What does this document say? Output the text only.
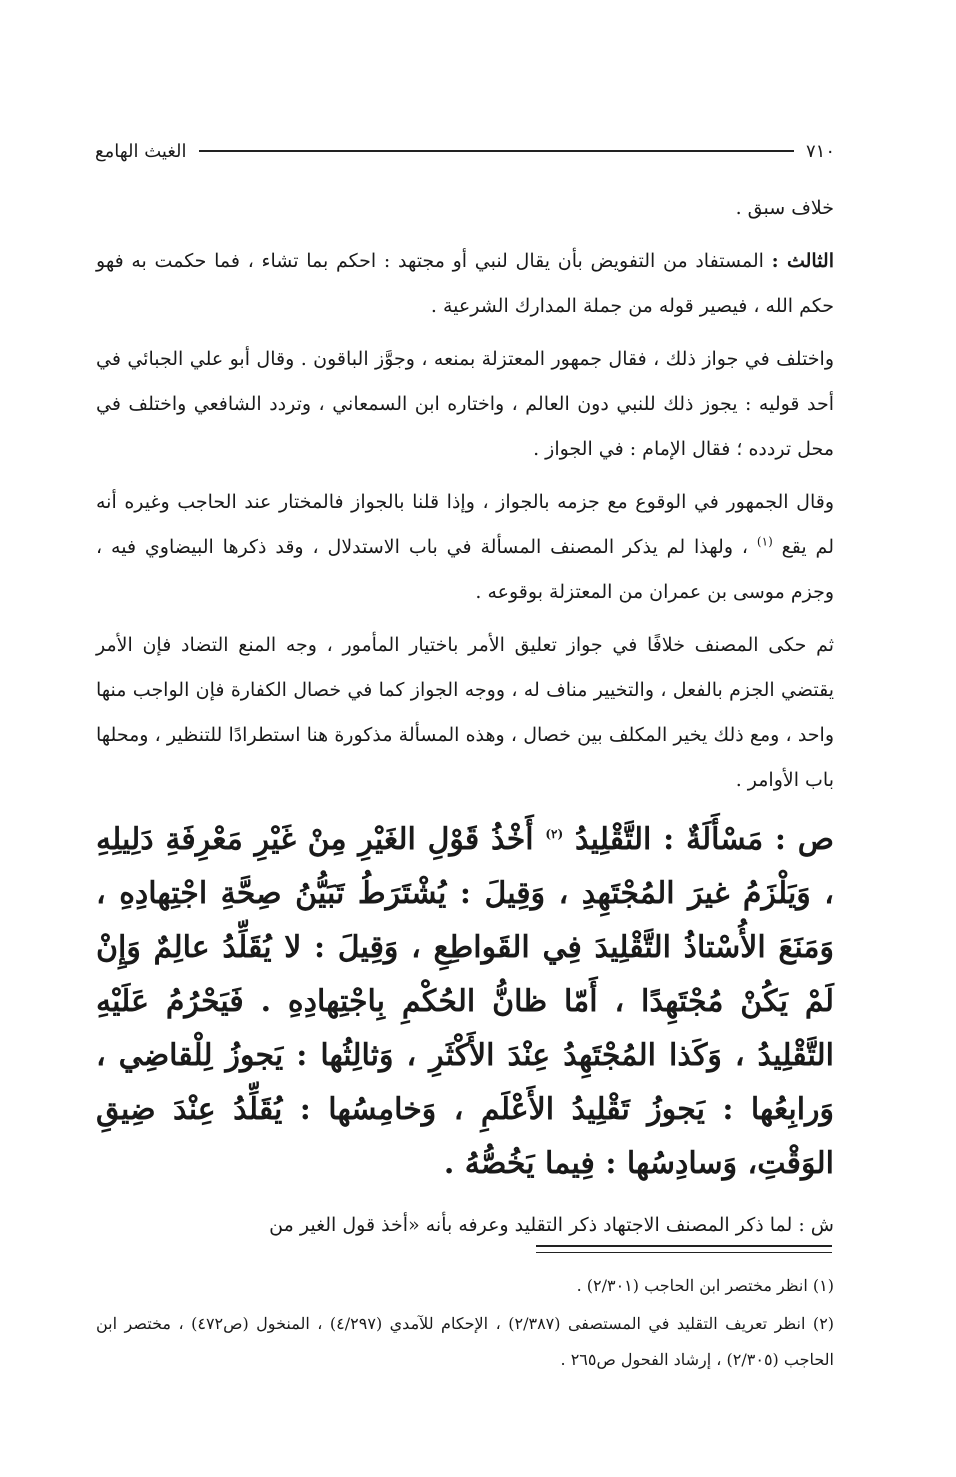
٧١٠
الغيث الهامع

خلاف سبق .

الثالث : المستفاد من التفويض بأن يقال لنبي أو مجتهد : احكم بما تشاء ، فما حكمت به فهو حكم الله ، فيصير قوله من جملة المدارك الشرعية .

واختلف في جواز ذلك ، فقال جمهور المعتزلة بمنعه ، وجوَّز الباقون . وقال أبو علي الجبائي في أحد قوليه : يجوز ذلك للنبي دون العالم ، واختاره ابن السمعاني ، وتردد الشافعي واختلف في محل تردده ؛ فقال الإمام : في الجواز .

وقال الجمهور في الوقوع مع جزمه بالجواز ، وإذا قلنا بالجواز فالمختار عند الحاجب وغيره أنه لم يقع $^{(١)}$ ، ولهذا لم يذكر المصنف المسألة في باب الاستدلال ، وقد ذكرها البيضاوي فيه ، وجزم موسى بن عمران من المعتزلة بوقوعه .

ثم حكى المصنف خلافًا في جواز تعليق الأمر باختيار المأمور ، وجه المنع التضاد فإن الأمر يقتضي الجزم بالفعل ، والتخيير مناف له ، ووجه الجواز كما في خصال الكفارة فإن الواجب منها واحد ، ومع ذلك يخير المكلف بين خصال ، وهذه المسألة مذكورة هنا استطرادًا للتنظير ، ومحلها باب الأوامر .

ص : مَسْأَلَةٌ : التَّقْلِيدُ $^{(٢)}$ أَخْذُ قَوْلِ الغَيْرِ مِنْ غَيْرِ مَعْرِفَةِ دَلِيلِهِ ، وَيَلْزَمُ غيرَ المُجْتَهِدِ ، وَقِيلَ : يُشْتَرَطُ تَبَيُّنُ صِحَّةِ اجْتِهادِهِ ، وَمَنَعَ الأُسْتاذُ التَّقْلِيدَ فِي القَواطِعِ ، وَقِيلَ : لا يُقَلِّدُ عالِمٌ وَإِنْ لَمْ يَكُنْ مُجْتَهِدًا ، أَمّا ظانُّ الحُكْمِ بِاجْتِهادِهِ . فَيَحْرُمُ عَلَيْهِ التَّقْلِيدُ ، وَكَذا المُجْتَهِدُ عِنْدَ الأَكْثَرِ ، وَثالِثُها : يَجوزُ لِلْقاضِي ، وَرابِعُها : يَجوزُ تَقْلِيدُ الأَعْلَمِ ، وَخامِسُها : يُقَلِّدُ عِنْدَ ضِيقِ الوَقْتِ، وَسادِسُها : فِيما يَخُصُّهُ .

ش : لما ذكر المصنف الاجتهاد ذكر التقليد وعرفه بأنه «أخذ قول الغير من

(١) انظر مختصر ابن الحاجب (٢/٣٠١) .

(٢) انظر تعريف التقليد في المستصفى (٢/٣٨٧) ، الإحكام للآمدي (٤/٢٩٧) ، المنخول (ص٤٧٢) ، مختصر ابن الحاجب (٢/٣٠٥) ، إرشاد الفحول ص٢٦٥ .
